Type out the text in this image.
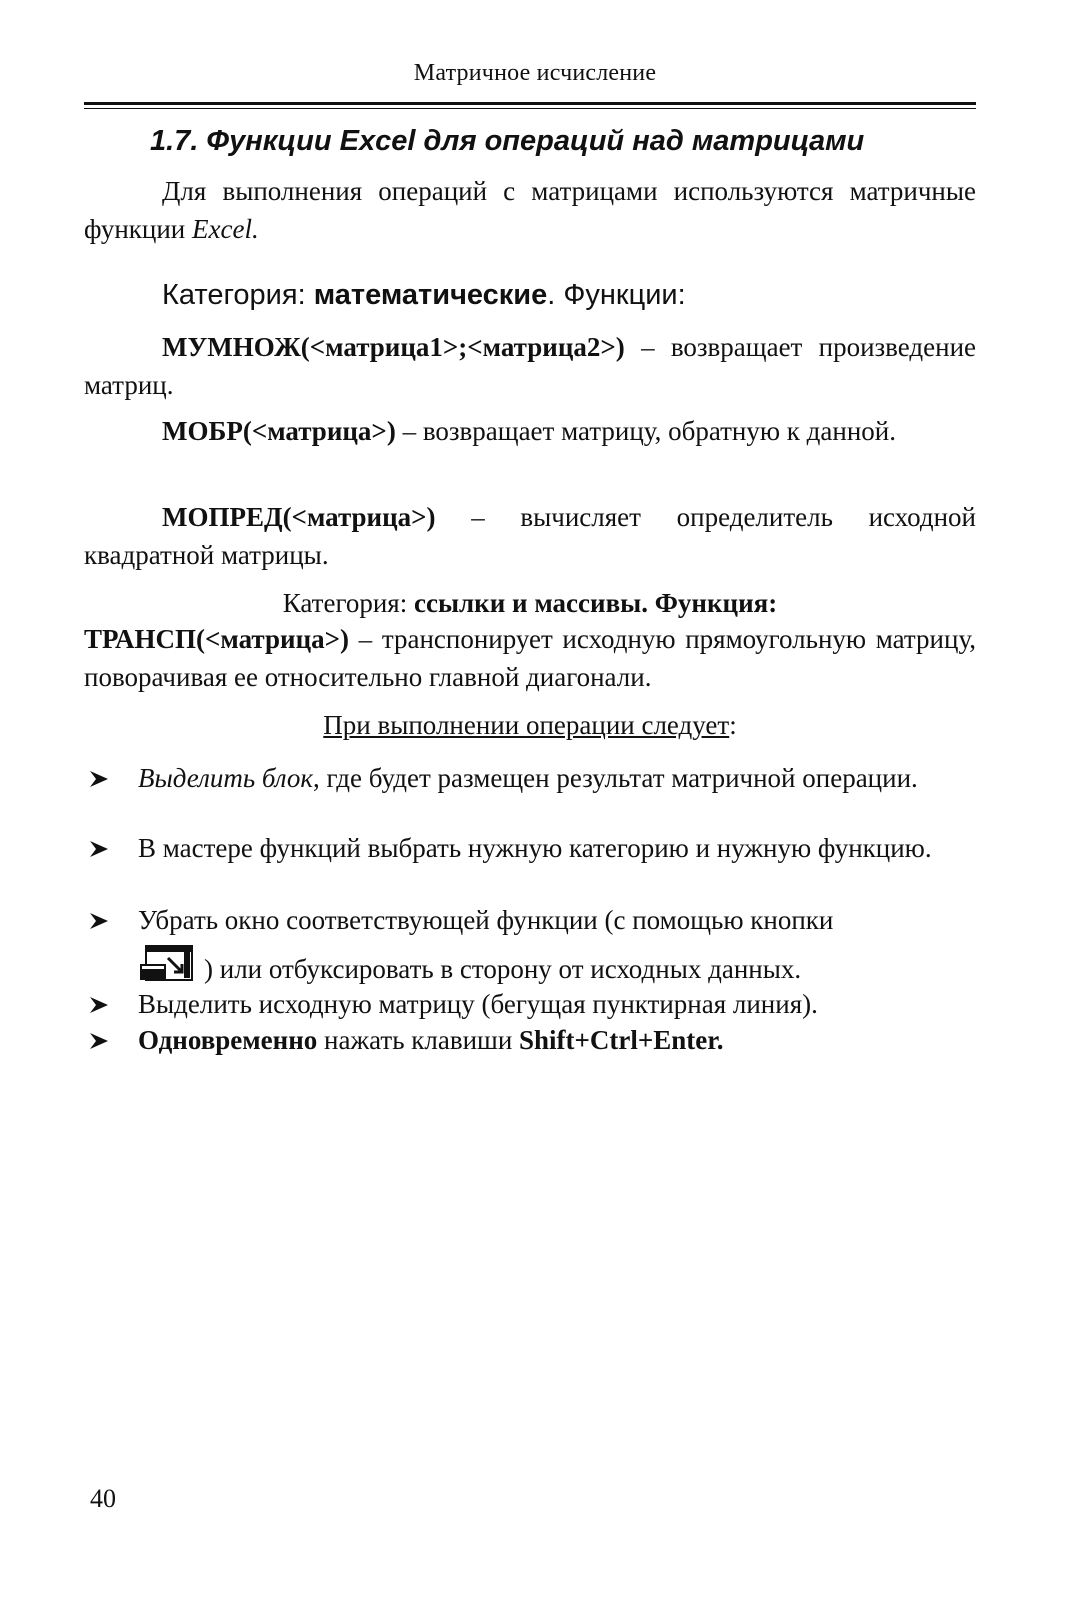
Матричное исчисление
1.7. Функции Excel для операций над матрицами
Для выполнения операций с матрицами используются матричные функции Excel.
Категория: математические. Функции:
МУМНОЖ(<матрица1>;<матрица2>) – возвращает произведение матриц.
МОБР(<матрица>) – возвращает матрицу, обратную к данной.
МОПРЕД(<матрица>) – вычисляет определитель исходной квадратной матрицы.
Категория: ссылки и массивы. Функция:
ТРАНСП(<матрица>) – транспонирует исходную прямоугольную матрицу, поворачивая ее относительно главной диагонали.
При выполнении операции следует:
Выделить блок, где будет размещен результат матричной операции.
В мастере функций выбрать нужную категорию и нужную функцию.
Убрать окно соответствующей функции (с помощью кнопки
) или отбуксировать в сторону от исходных данных.
Выделить исходную матрицу (бегущая пунктирная линия).
Одновременно нажать клавиши Shift+Ctrl+Enter.
40
